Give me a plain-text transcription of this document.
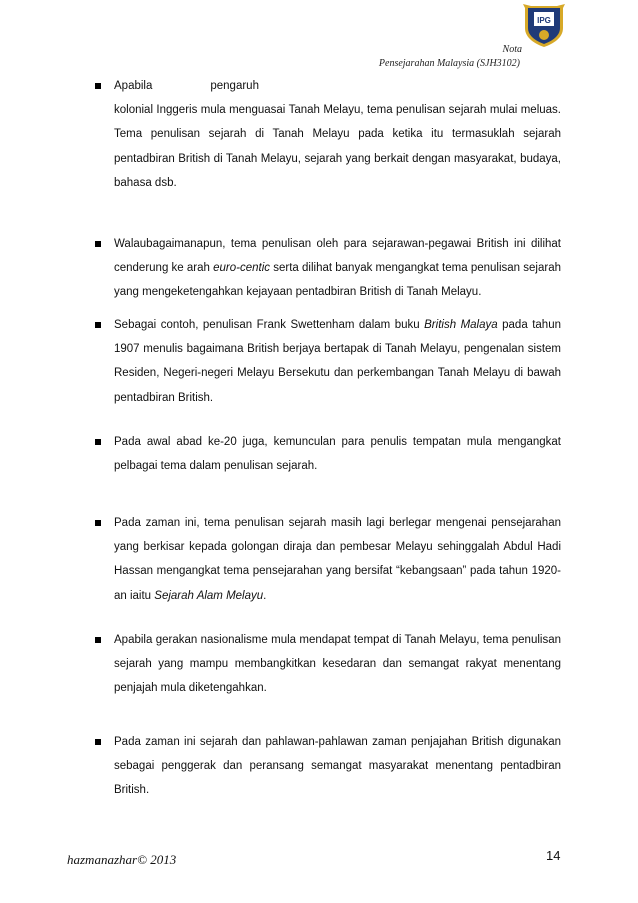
IPG
Nota
Pensejarahan Malaysia (SJH3102)
Apabila	pengaruh
kolonial Inggeris mula menguasai Tanah Melayu, tema penulisan sejarah mulai meluas. Tema penulisan sejarah di Tanah Melayu pada ketika itu termasuklah sejarah pentadbiran British di Tanah Melayu, sejarah yang berkait dengan masyarakat, budaya, bahasa dsb.
Walaubagaimanapun, tema penulisan oleh para sejarawan-pegawai British ini dilihat cenderung ke arah euro-centic serta dilihat banyak mengangkat tema penulisan sejarah yang mengeketengahkan kejayaan pentadbiran British di Tanah Melayu.
Sebagai contoh, penulisan Frank Swettenham dalam buku British Malaya pada tahun 1907 menulis bagaimana British berjaya bertapak di Tanah Melayu, pengenalan sistem Residen, Negeri-negeri Melayu Bersekutu dan perkembangan Tanah Melayu di bawah pentadbiran British.
Pada awal abad ke-20 juga, kemunculan para penulis tempatan mula mengangkat pelbagai tema dalam penulisan sejarah.
Pada zaman ini, tema penulisan sejarah masih lagi berlegar mengenai pensejarahan yang berkisar kepada golongan diraja dan pembesar Melayu sehinggalah Abdul Hadi Hassan mengangkat tema pensejarahan yang bersifat “kebangsaan” pada tahun 1920-an iaitu Sejarah Alam Melayu.
Apabila gerakan nasionalisme mula mendapat tempat di Tanah Melayu, tema penulisan sejarah yang mampu membangkitkan kesedaran dan semangat rakyat menentang penjajah mula diketengahkan.
Pada zaman ini sejarah dan pahlawan-pahlawan zaman penjajahan British digunakan sebagai penggerak dan peransang semangat masyarakat menentang pentadbiran British.
hazmanazhar© 2013	14
